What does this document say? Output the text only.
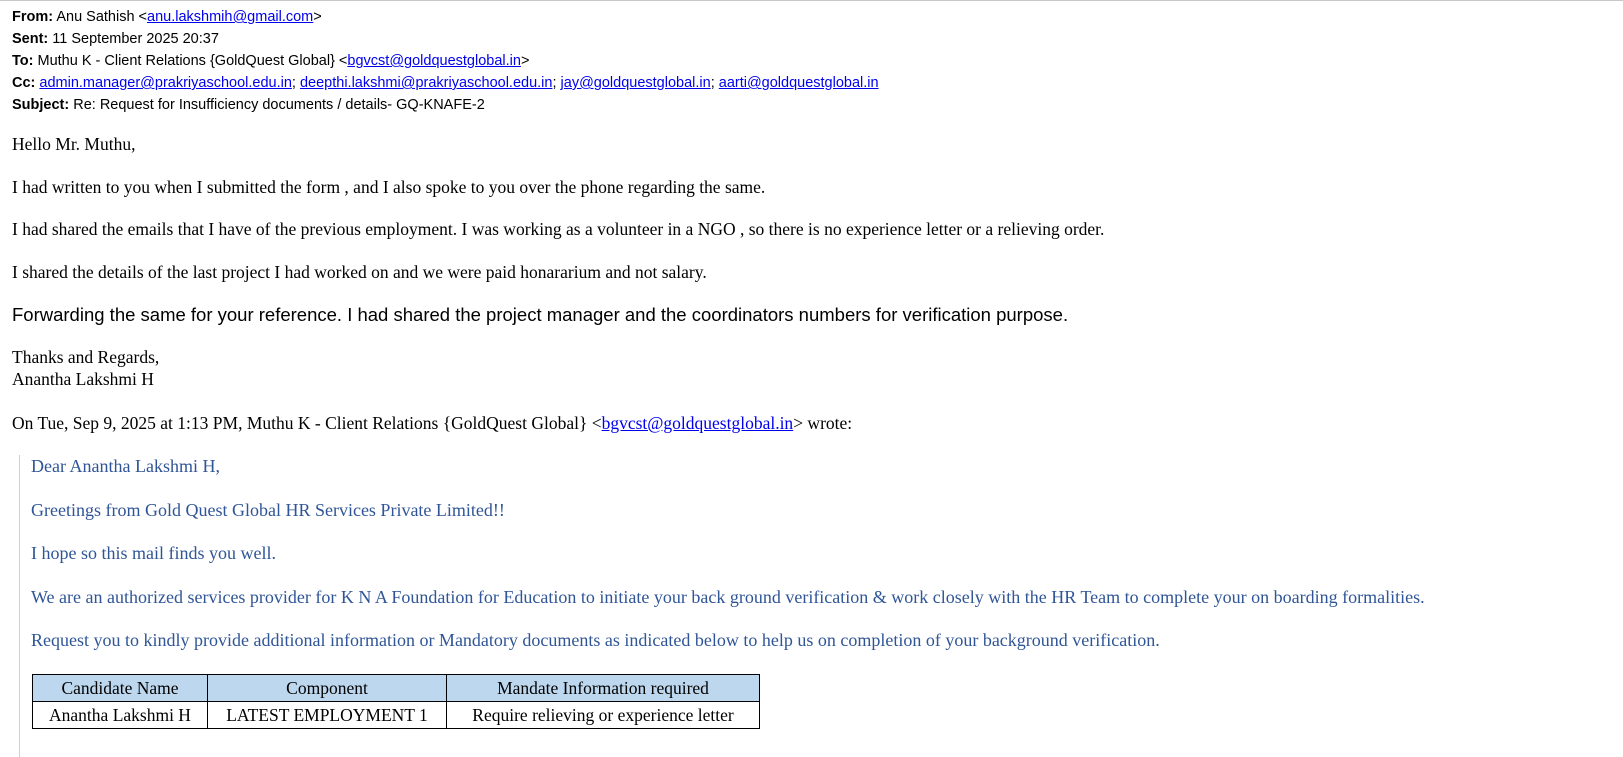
From: Anu Sathish <anu.lakshmih@gmail.com>
Sent: 11 September 2025 20:37
To: Muthu K - Client Relations {GoldQuest Global} <bgvcst@goldquestglobal.in>
Cc: admin.manager@prakriyaschool.edu.in; deepthi.lakshmi@prakriyaschool.edu.in; jay@goldquestglobal.in; aarti@goldquestglobal.in
Subject: Re: Request for Insufficiency documents / details- GQ-KNAFE-2
Hello Mr. Muthu,
I had written to you when I submitted the form , and I also spoke to you over the phone regarding the same.
I had shared the emails that I have of the previous employment. I was working as a volunteer in a NGO , so there is no experience letter or a relieving order.
I shared the details of the last project I had worked on and we were paid honararium and not salary.
Forwarding the same for your reference. I had shared the project manager and the coordinators numbers for verification purpose.
Thanks and Regards,
Anantha Lakshmi H
On Tue, Sep 9, 2025 at 1:13 PM, Muthu K - Client Relations {GoldQuest Global} <bgvcst@goldquestglobal.in> wrote:
Dear Anantha Lakshmi H,
Greetings from Gold Quest Global HR Services Private Limited!!
I hope so this mail finds you well.
We are an authorized services provider for K N A Foundation for Education to initiate your back ground verification & work closely with the HR Team to complete your on boarding formalities.
Request you to kindly provide additional information or Mandatory documents as indicated below to help us on completion of your background verification.
Candidate Name	Component	Mandate Information required
Anantha Lakshmi H	LATEST EMPLOYMENT 1	Require relieving or experience letter
